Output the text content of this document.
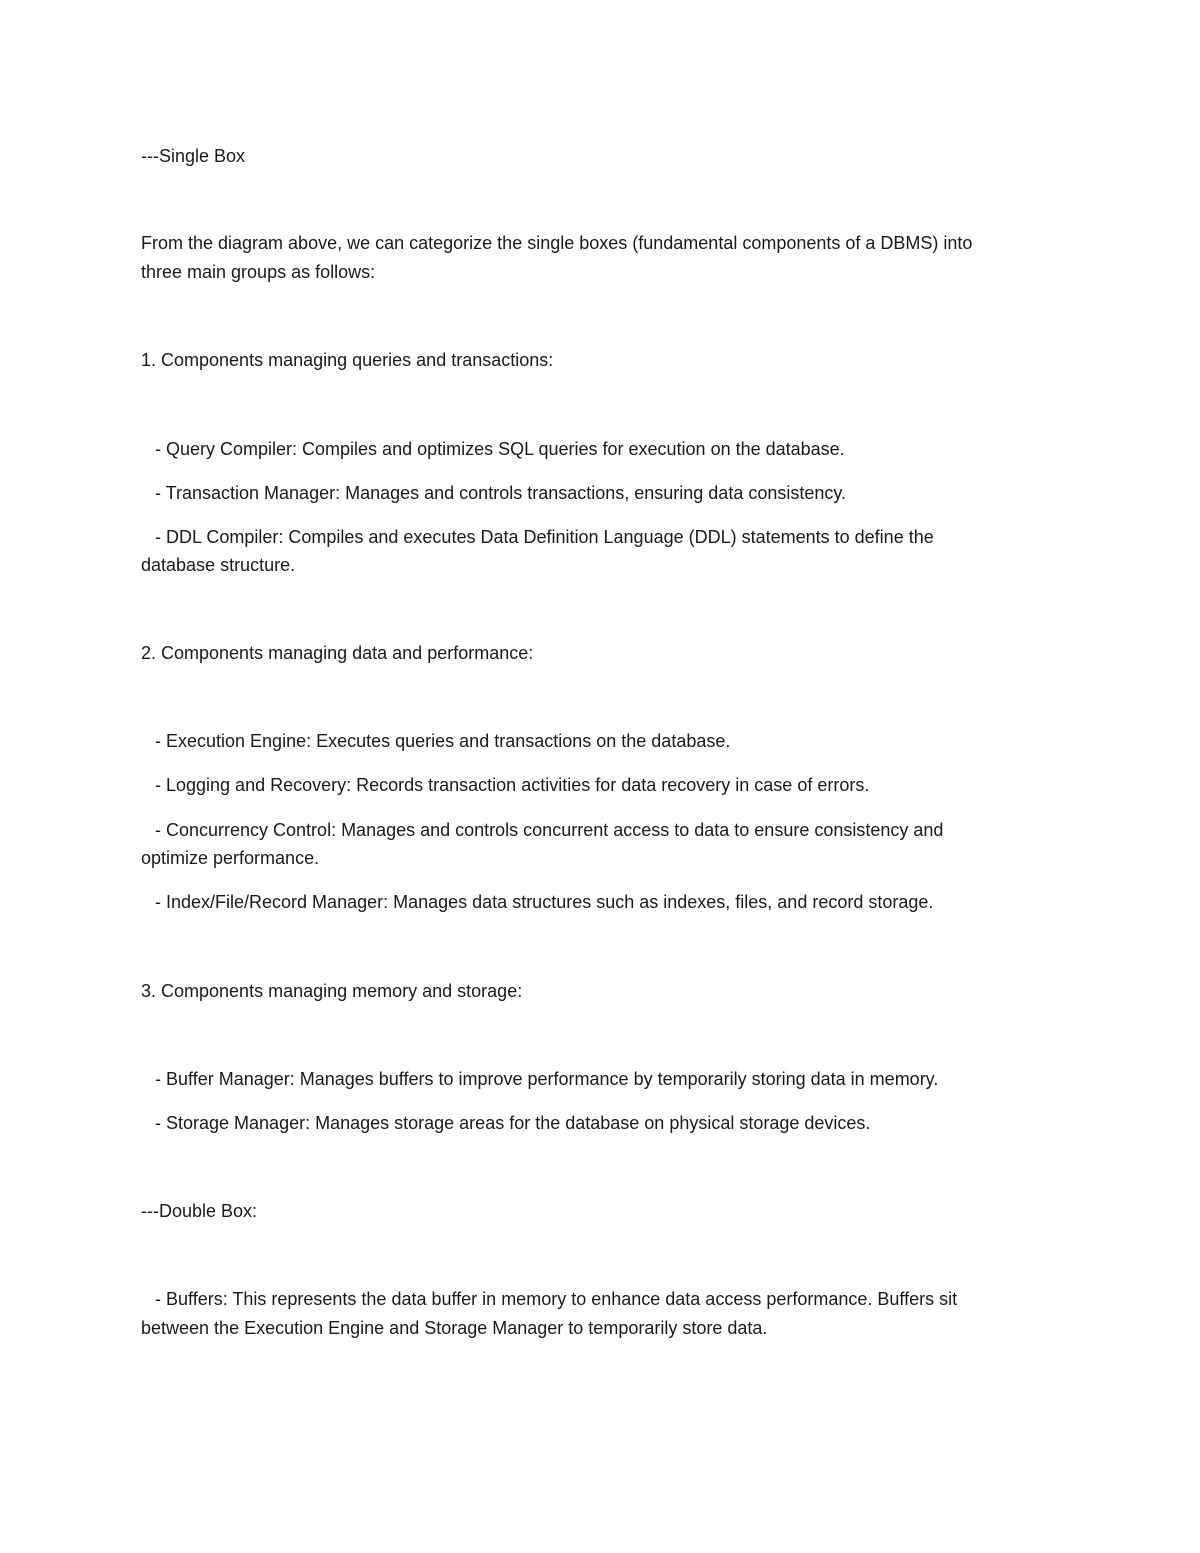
---Single Box
From the diagram above, we can categorize the single boxes (fundamental components of a DBMS) into
three main groups as follows:
1. Components managing queries and transactions:
- Query Compiler: Compiles and optimizes SQL queries for execution on the database.
- Transaction Manager: Manages and controls transactions, ensuring data consistency.
- DDL Compiler: Compiles and executes Data Definition Language (DDL) statements to define the
database structure.
2. Components managing data and performance:
- Execution Engine: Executes queries and transactions on the database.
- Logging and Recovery: Records transaction activities for data recovery in case of errors.
- Concurrency Control: Manages and controls concurrent access to data to ensure consistency and
optimize performance.
- Index/File/Record Manager: Manages data structures such as indexes, files, and record storage.
3. Components managing memory and storage:
- Buffer Manager: Manages buffers to improve performance by temporarily storing data in memory.
- Storage Manager: Manages storage areas for the database on physical storage devices.
---Double Box:
- Buffers: This represents the data buffer in memory to enhance data access performance. Buffers sit
between the Execution Engine and Storage Manager to temporarily store data.
